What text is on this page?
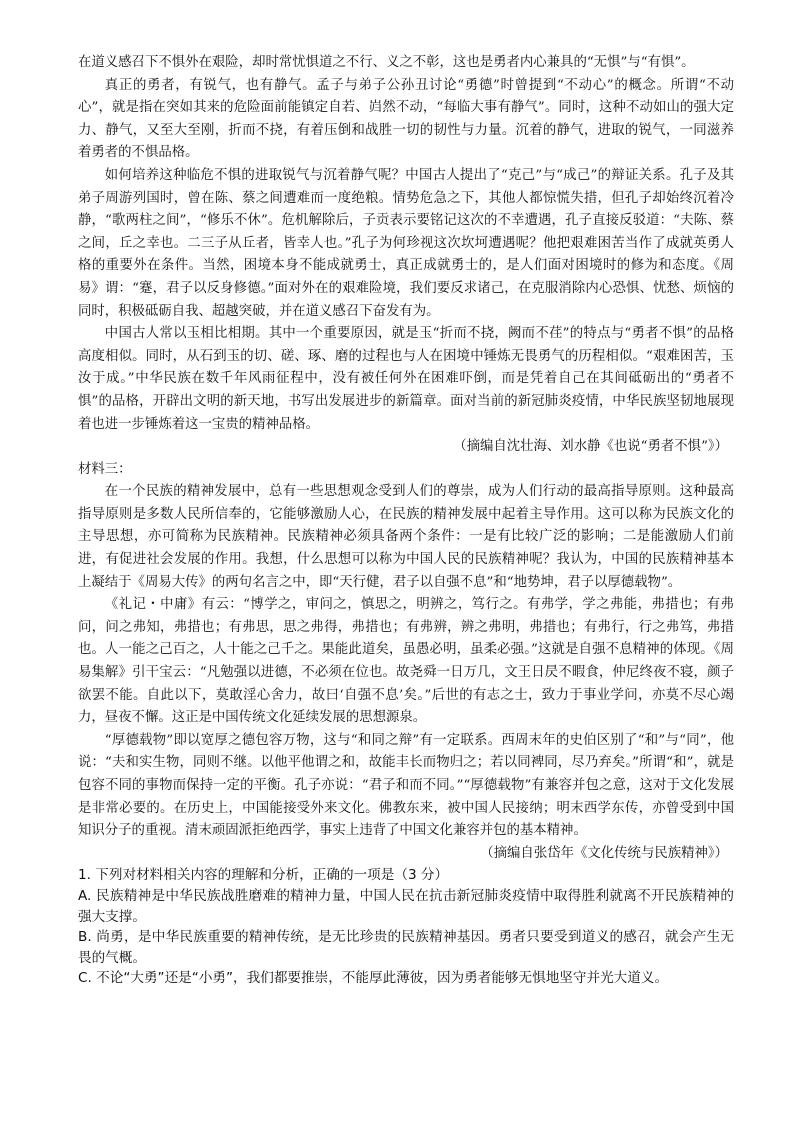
在道义感召下不惧外在艰险，却时常忧惧道之不行、义之不彰，这也是勇者内心兼具的“无惧”与“有惧”。

真正的勇者，有锐气，也有静气。孟子与弟子公孙丑讨论“勇德”时曾提到“不动心”的概念。所谓“不动心”，就是指在突如其来的危险面前能镇定自若、岿然不动，“每临大事有静气”。同时，这种不动如山的强大定力、静气，又至大至刚，折而不挠，有着压倒和战胜一切的韧性与力量。沉着的静气，进取的锐气，一同滋养着勇者的不惧品格。

如何培养这种临危不惧的进取锐气与沉着静气呢？中国古人提出了“克己”与“成己”的辩证关系。孔子及其弟子周游列国时，曾在陈、蔡之间遭难而一度绝粮。情势危急之下，其他人都惊慌失措，但孔子却始终沉着冷静，“歌两柱之间”，“修乐不休”。危机解除后，子贡表示要铭记这次的不幸遭遇，孔子直接反驳道：“夫陈、蔡之间，丘之幸也。二三子从丘者，皆幸人也。”孔子为何珍视这次坎坷遭遇呢？他把艰难困苦当作了成就英勇人格的重要外在条件。当然，困境本身不能成就勇士，真正成就勇士的，是人们面对困境时的修为和态度。《周易》谓：“蹇，君子以反身修德。”面对外在的艰难险境，我们要反求诸己，在克服消除内心恐惧、忧愁、烦恼的同时，积极砥砺自我、超越突破，并在道义感召下奋发有为。

中国古人常以玉相比相期。其中一个重要原因，就是玉“折而不挠，阙而不荏”的特点与“勇者不惧”的品格高度相似。同时，从石到玉的切、磋、琢、磨的过程也与人在困境中锤炼无畏勇气的历程相似。“艰难困苦，玉汝于成。”中华民族在数千年风雨征程中，没有被任何外在困难吓倒，而是凭着自己在其间砥砺出的“勇者不惧”的品格，开辟出文明的新天地，书写出发展进步的新篇章。面对当前的新冠肺炎疫情，中华民族坚韧地展现着也进一步锤炼着这一宝贵的精神品格。

（摘编自沈壮海、刘水静《也说“勇者不惧”》）

材料三：

在一个民族的精神发展中，总有一些思想观念受到人们的尊崇，成为人们行动的最高指导原则。这种最高指导原则是多数人民所信奉的，它能够激励人心，在民族的精神发展中起着主导作用。这可以称为民族文化的主导思想，亦可简称为民族精神。民族精神必须具备两个条件：一是有比较广泛的影响；二是能激励人们前进，有促进社会发展的作用。我想，什么思想可以称为中国人民的民族精神呢？我认为，中国的民族精神基本上凝结于《周易大传》的两句名言之中，即“天行健，君子以自强不息”和“地势坤，君子以厚德载物”。

《礼记・中庸》有云：“博学之，审问之，慎思之，明辨之，笃行之。有弗学，学之弗能，弗措也；有弗问，问之弗知，弗措也；有弗思，思之弗得，弗措也；有弗辨，辨之弗明，弗措也；有弗行，行之弗笃，弗措也。人一能之己百之，人十能之己千之。果能此道矣，虽愚必明，虽柔必强。”这就是自强不息精神的体现。《周易集解》引干宝云：“凡勉强以进德，不必须在位也。故尧舜一日万几，文王日昃不暇食，仲尼终夜不寝，颜子欲罢不能。自此以下，莫敢淫心舍力，故曰‘自强不息’矣。”后世的有志之士，致力于事业学问，亦莫不尽心竭力，昼夜不懈。这正是中国传统文化延续发展的思想源泉。

“厚德载物”即以宽厚之德包容万物，这与“和同之辩”有一定联系。西周末年的史伯区别了“和”与“同”，他说：“夫和实生物，同则不继。以他平他谓之和，故能丰长而物归之；若以同裨同，尽乃弃矣。”所谓“和”，就是包容不同的事物而保持一定的平衡。孔子亦说：“君子和而不同。”“厚德载物”有兼容并包之意，这对于文化发展是非常必要的。在历史上，中国能接受外来文化。佛教东来，被中国人民接纳；明末西学东传，亦曾受到中国知识分子的重视。清末顽固派拒绝西学，事实上违背了中国文化兼容并包的基本精神。

（摘编自张岱年《文化传统与民族精神》）

1. 下列对材料相关内容的理解和分析，正确的一项是（3 分）

A. 民族精神是中华民族战胜磨难的精神力量，中国人民在抗击新冠肺炎疫情中取得胜利就离不开民族精神的强大支撑。

B. 尚勇，是中华民族重要的精神传统，是无比珍贵的民族精神基因。勇者只要受到道义的感召，就会产生无畏的气概。

C. 不论“大勇”还是“小勇”，我们都要推崇，不能厚此薄彼，因为勇者能够无惧地坚守并光大道义。
